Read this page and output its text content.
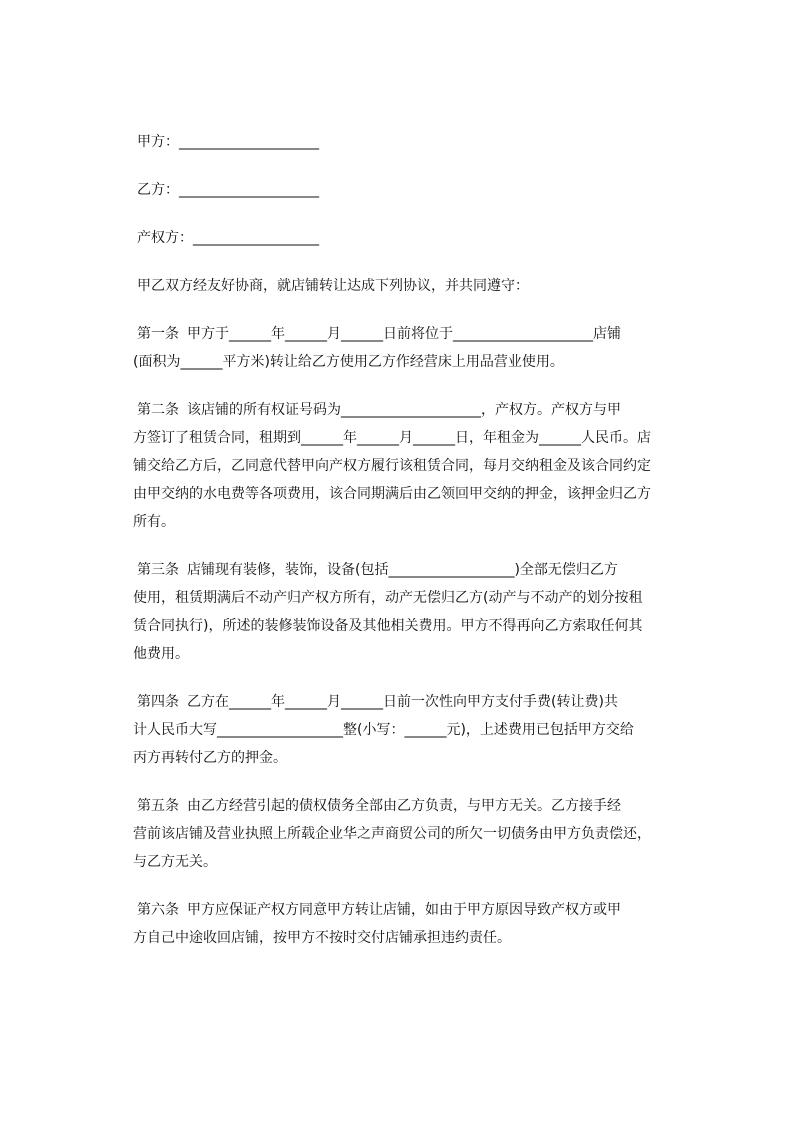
甲方：____________________
乙方：____________________
产权方：__________________
甲乙双方经友好协商，就店铺转让达成下列协议，并共同遵守：
第一条 甲方于______年______月______日前将位于____________________店铺
(面积为______平方米)转让给乙方使用乙方作经营床上用品营业使用。
第二条 该店铺的所有权证号码为____________________，产权方。产权方与甲
方签订了租赁合同，租期到______年______月______日，年租金为______人民币。店
铺交给乙方后，乙同意代替甲向产权方履行该租赁合同，每月交纳租金及该合同约定
由甲交纳的水电费等各项费用，该合同期满后由乙领回甲交纳的押金，该押金归乙方
所有。
第三条 店铺现有装修，装饰，设备(包括__________________)全部无偿归乙方
使用，租赁期满后不动产归产权方所有，动产无偿归乙方(动产与不动产的划分按租
赁合同执行)，所述的装修装饰设备及其他相关费用。甲方不得再向乙方索取任何其
他费用。
第四条 乙方在______年______月______日前一次性向甲方支付手费(转让费)共
计人民币大写__________________整(小写：______元)，上述费用已包括甲方交给
丙方再转付乙方的押金。
第五条 由乙方经营引起的债权债务全部由乙方负责，与甲方无关。乙方接手经
营前该店铺及营业执照上所载企业华之声商贸公司的所欠一切债务由甲方负责偿还，
与乙方无关。
第六条 甲方应保证产权方同意甲方转让店铺，如由于甲方原因导致产权方或甲
方自己中途收回店铺，按甲方不按时交付店铺承担违约责任。
